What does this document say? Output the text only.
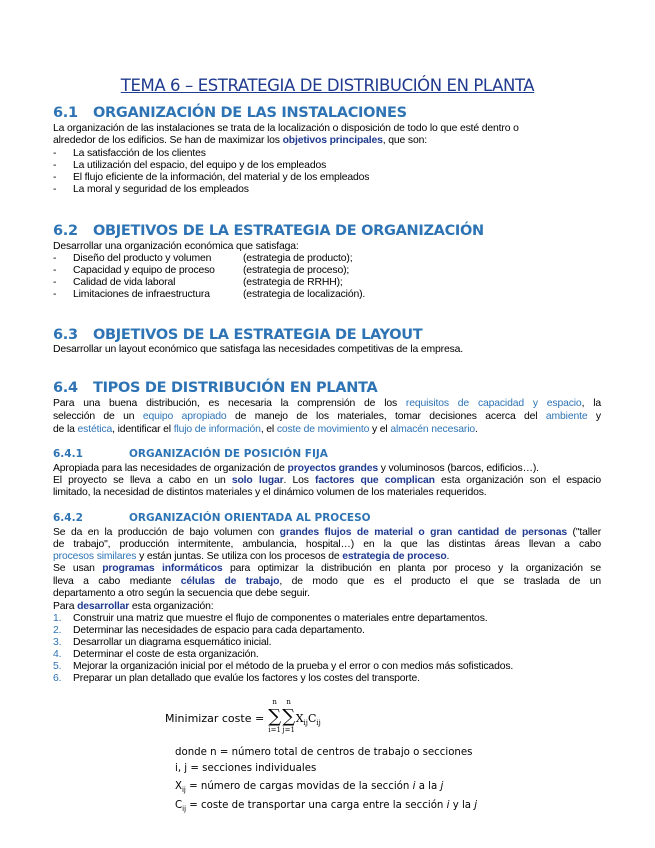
TEMA 6 – ESTRATEGIA DE DISTRIBUCIÓN EN PLANTA
6.1 ORGANIZACIÓN DE LAS INSTALACIONES
La organización de las instalaciones se trata de la localización o disposición de todo lo que esté dentro o
alrededor de los edificios. Se han de maximizar los objetivos principales, que son:
- La satisfacción de los clientes
- La utilización del espacio, del equipo y de los empleados
- El flujo eficiente de la información, del material y de los empleados
- La moral y seguridad de los empleados
6.2 OBJETIVOS DE LA ESTRATEGIA DE ORGANIZACIÓN
Desarrollar una organización económica que satisfaga:
- Diseño del producto y volumen	(estrategia de producto);
- Capacidad y equipo de proceso	(estrategia de proceso);
- Calidad de vida laboral	(estrategia de RRHH);
- Limitaciones de infraestructura	(estrategia de localización).
6.3 OBJETIVOS DE LA ESTRATEGIA DE LAYOUT
Desarrollar un layout económico que satisfaga las necesidades competitivas de la empresa.
6.4 TIPOS DE DISTRIBUCIÓN EN PLANTA
Para una buena distribución, es necesaria la comprensión de los requisitos de capacidad y espacio, la
selección de un equipo apropiado de manejo de los materiales, tomar decisiones acerca del ambiente y
de la estética, identificar el flujo de información, el coste de movimiento y el almacén necesario.
6.4.1	ORGANIZACIÓN DE POSICIÓN FIJA
Apropiada para las necesidades de organización de proyectos grandes y voluminosos (barcos, edificios…).
El proyecto se lleva a cabo en un solo lugar. Los factores que complican esta organización son el espacio
limitado, la necesidad de distintos materiales y el dinámico volumen de los materiales requeridos.
6.4.2	ORGANIZACIÓN ORIENTADA AL PROCESO
Se da en la producción de bajo volumen con grandes flujos de material o gran cantidad de personas ("taller
de trabajo", producción intermitente, ambulancia, hospital…) en la que las distintas áreas llevan a cabo
procesos similares y están juntas. Se utiliza con los procesos de estrategia de proceso.
Se usan programas informáticos para optimizar la distribución en planta por proceso y la organización se
lleva a cabo mediante células de trabajo, de modo que es el producto el que se traslada de un
departamento a otro según la secuencia que debe seguir.
Para desarrollar esta organización:
1. Construir una matriz que muestre el flujo de componentes o materiales entre departamentos.
2. Determinar las necesidades de espacio para cada departamento.
3. Desarrollar un diagrama esquemático inicial.
4. Determinar el coste de esta organización.
5. Mejorar la organización inicial por el método de la prueba y el error o con medios más sofisticados.
6. Preparar un plan detallado que evalúe los factores y los costes del transporte.
Minimizar coste = ∑
n
i=1
∑
n
j=1
$X_{ij}C_{ij}$
donde n = número total de centros de trabajo o secciones
i, j = secciones individuales
$X_{ij}$ = número de cargas movidas de la sección i a la j
$C_{ij}$ = coste de transportar una carga entre la sección i y la j
